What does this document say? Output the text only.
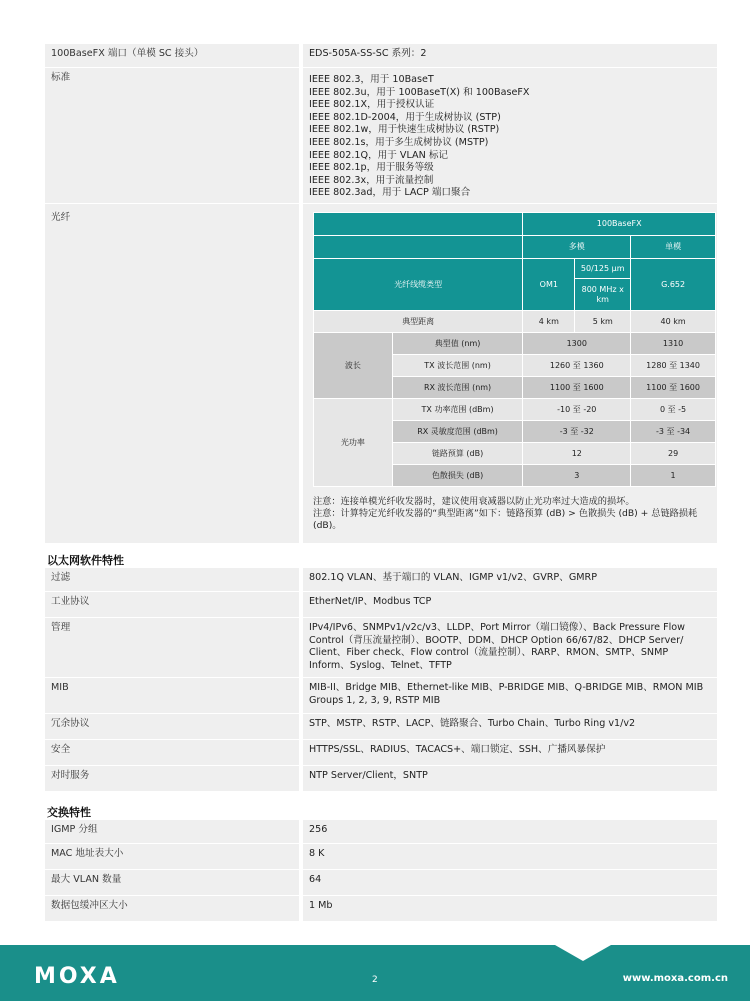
100BaseFX 端口（单模 SC 接头）	EDS-505A-SS-SC 系列：2
标准	IEEE 802.3，用于 10BaseT
IEEE 802.3u，用于 100BaseT(X) 和 100BaseFX
IEEE 802.1X，用于授权认证
IEEE 802.1D-2004，用于生成树协议 (STP)
IEEE 802.1w，用于快速生成树协议 (RSTP)
IEEE 802.1s，用于多生成树协议 (MSTP)
IEEE 802.1Q，用于 VLAN 标记
IEEE 802.1p，用于服务等级
IEEE 802.3x，用于流量控制
IEEE 802.3ad，用于 LACP 端口聚合
光纤
		100BaseFX		
		多模		单模
光纤线缆类型		OM1	50/125 μm	G.652
			800 MHz x km	
典型距离		4 km	5 km	40 km
波长	典型值 (nm)	1300		1310
	TX 波长范围 (nm)	1260 至 1360		1280 至 1340
	RX 波长范围 (nm)	1100 至 1600		1100 至 1600
光功率	TX 功率范围 (dBm)	-10 至 -20		0 至 -5
	RX 灵敏度范围 (dBm)	-3 至 -32		-3 至 -34
	链路预算 (dB)	12		29
	色散损失 (dB)	3		1
注意：连接单模光纤收发器时，建议使用衰减器以防止光功率过大造成的损坏。
注意：计算特定光纤收发器的“典型距离”如下：链路预算 (dB) > 色散损失 (dB) + 总链路损耗 (dB)。
以太网软件特性
过滤	802.1Q VLAN、基于端口的 VLAN、IGMP v1/v2、GVRP、GMRP
工业协议	EtherNet/IP、Modbus TCP
管理	IPv4/IPv6、SNMPv1/v2c/v3、LLDP、Port Mirror（端口镜像）、Back Pressure Flow
Control（背压流量控制）、BOOTP、DDM、DHCP Option 66/67/82、DHCP Server/
Client、Fiber check、Flow control（流量控制）、RARP、RMON、SMTP、SNMP
Inform、Syslog、Telnet、TFTP
MIB	MIB-II、Bridge MIB、Ethernet-like MIB、P-BRIDGE MIB、Q-BRIDGE MIB、RMON MIB
Groups 1, 2, 3, 9, RSTP MIB
冗余协议	STP、MSTP、RSTP、LACP、链路聚合、Turbo Chain、Turbo Ring v1/v2
安全	HTTPS/SSL、RADIUS、TACACS+、端口锁定、SSH、广播风暴保护
对时服务	NTP Server/Client，SNTP
交换特性
IGMP 分组	256
MAC 地址表大小	8 K
最大 VLAN 数量	64
数据包缓冲区大小	1 Mb
MOXA	2	www.moxa.com.cn
